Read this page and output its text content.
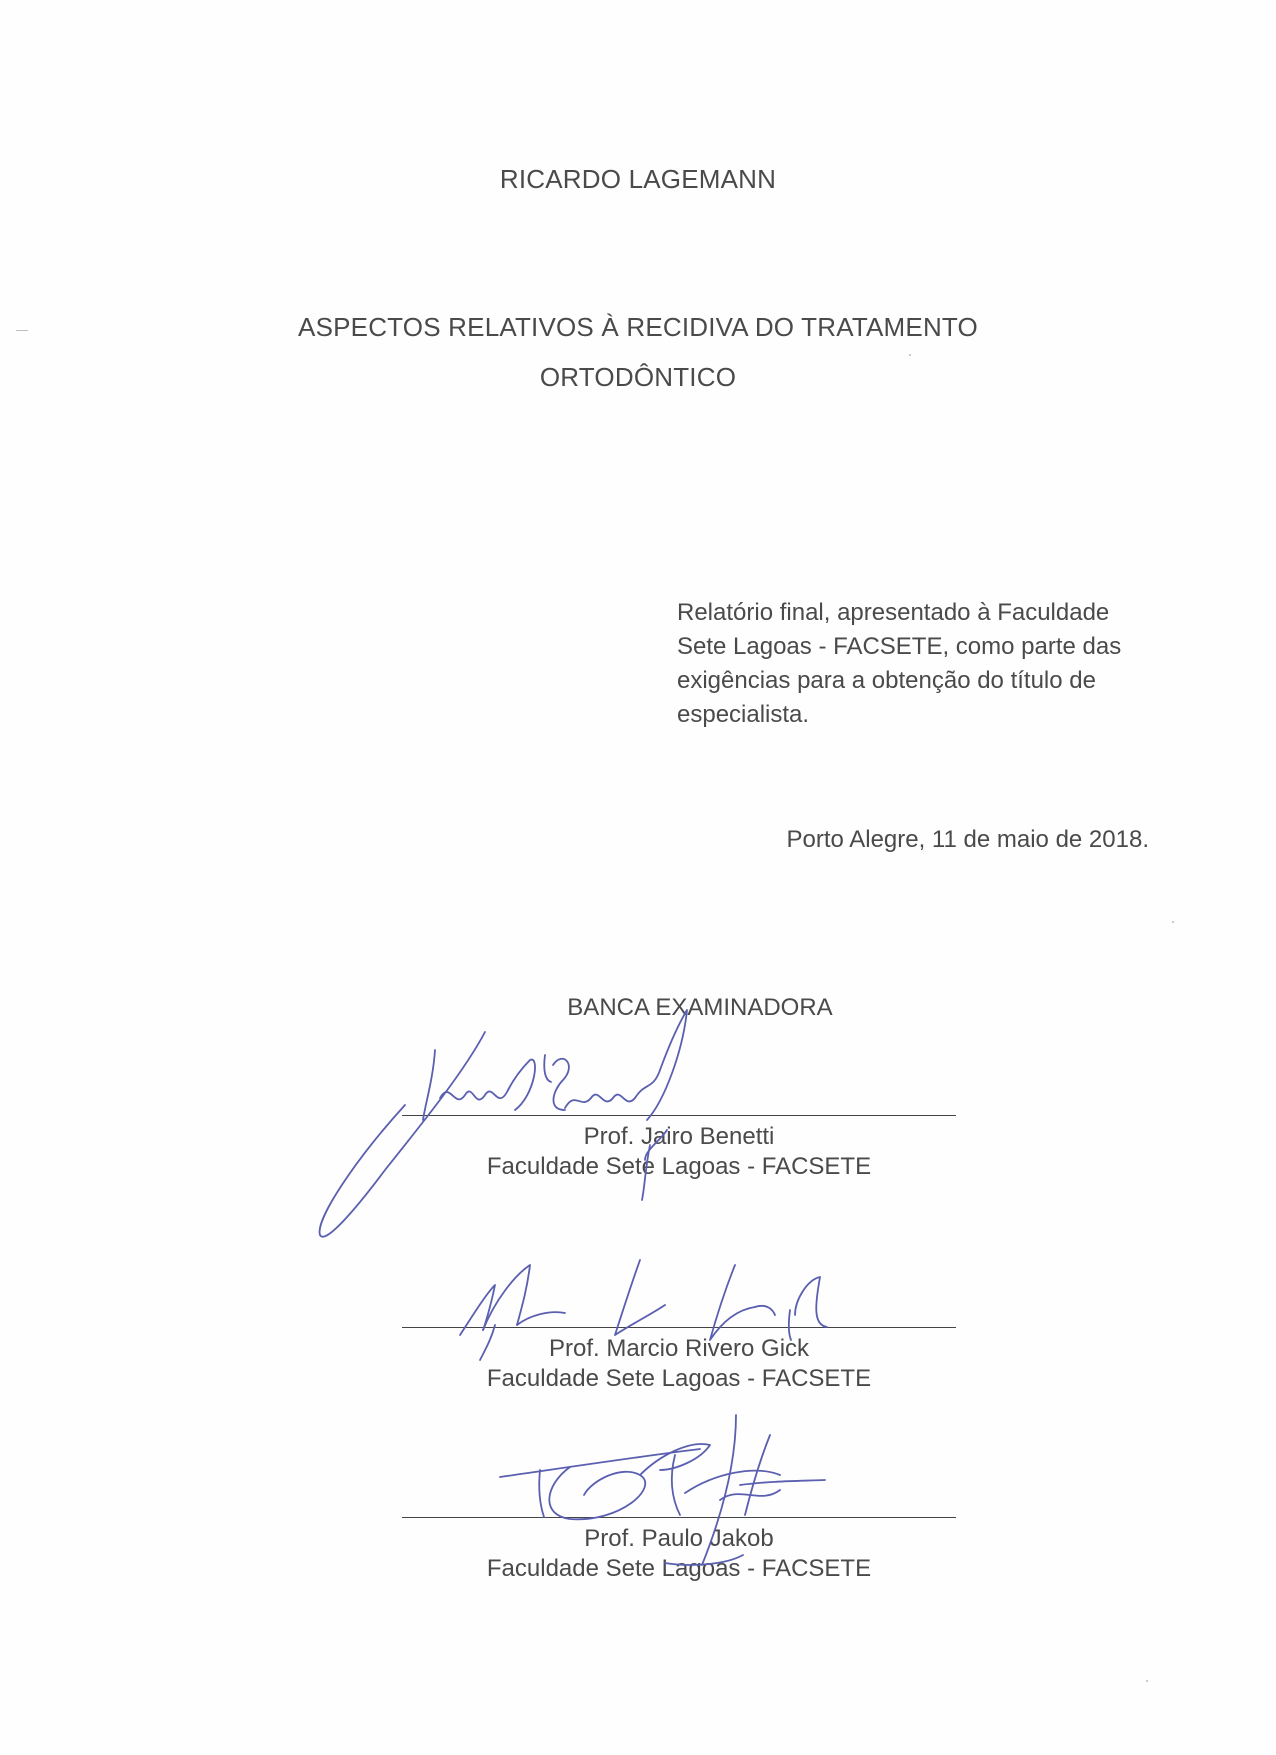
RICARDO LAGEMANN
ASPECTOS RELATIVOS À RECIDIVA DO TRATAMENTO
ORTODÔNTICO
Relatório final, apresentado à Faculdade
Sete Lagoas - FACSETE, como parte das
exigências para a obtenção do título de
especialista.
Porto Alegre, 11 de maio de 2018.
BANCA EXAMINADORA
Prof. Jairo Benetti
Faculdade Sete Lagoas - FACSETE
Prof. Marcio Rivero Gick
Faculdade Sete Lagoas - FACSETE
Prof. Paulo Jakob
Faculdade Sete Lagoas - FACSETE
